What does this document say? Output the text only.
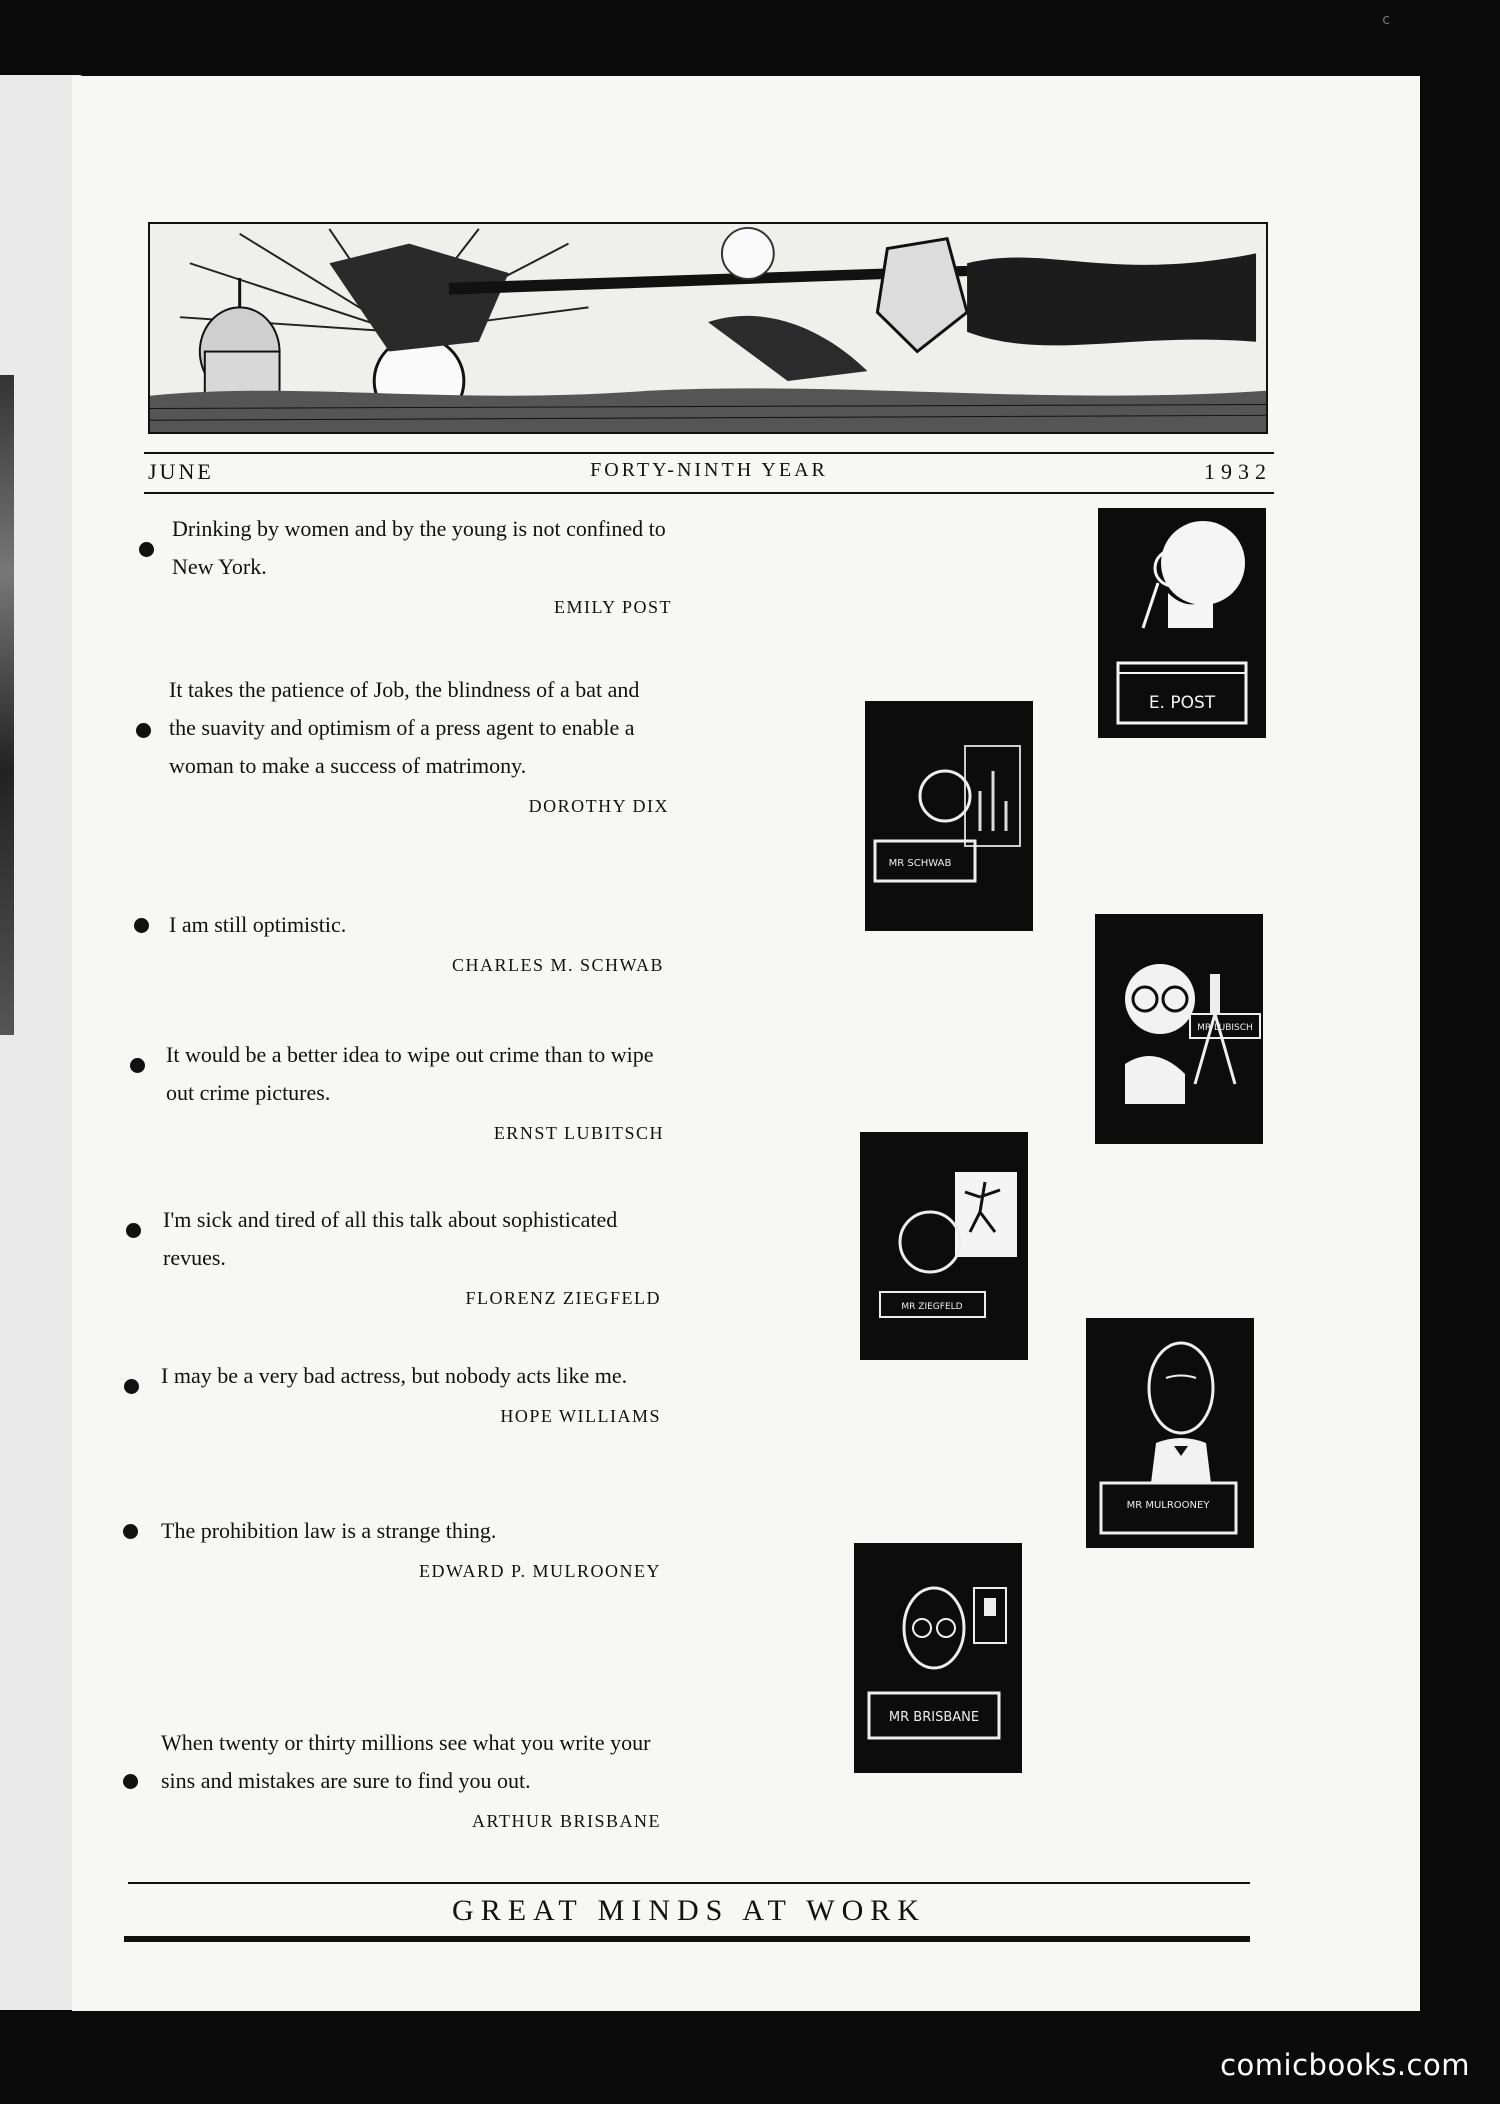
c
JUNE	FORTY-NINTH YEAR	1932

Drinking by women and by the young is not confined to New York.

EMILY POST

It takes the patience of Job, the blindness of a bat and the suavity and optimism of a press agent to enable a woman to make a success of matrimony.

DOROTHY DIX

I am still optimistic.

CHARLES M. SCHWAB

It would be a better idea to wipe out crime than to wipe out crime pictures.

ERNST LUBITSCH

I'm sick and tired of all this talk about sophisticated revues.

FLORENZ ZIEGFELD

I may be a very bad actress, but nobody acts like me.

HOPE WILLIAMS

The prohibition law is a strange thing.

EDWARD P. MULROONEY

When twenty or thirty millions see what you write your sins and mistakes are sure to find you out.

ARTHUR BRISBANE
E. POST
MR SCHWAB
MR LUBISCH
MR ZIEGFELD
MR MULROONEY
MR BRISBANE
GREAT MINDS AT WORK
comicbooks.com
